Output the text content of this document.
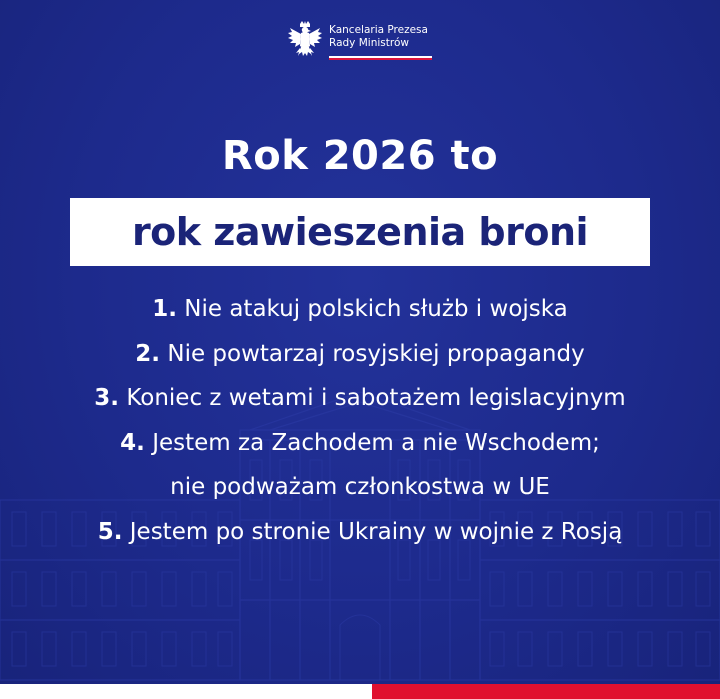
Kancelaria Prezesa
Rady Ministrów
Rok 2026 to
rok zawieszenia broni
1. Nie atakuj polskich służb i wojska
2. Nie powtarzaj rosyjskiej propagandy
3. Koniec z wetami i sabotażem legislacyjnym
4. Jestem za Zachodem a nie Wschodem;
nie podważam członkostwa w UE
5. Jestem po stronie Ukrainy w wojnie z Rosją
